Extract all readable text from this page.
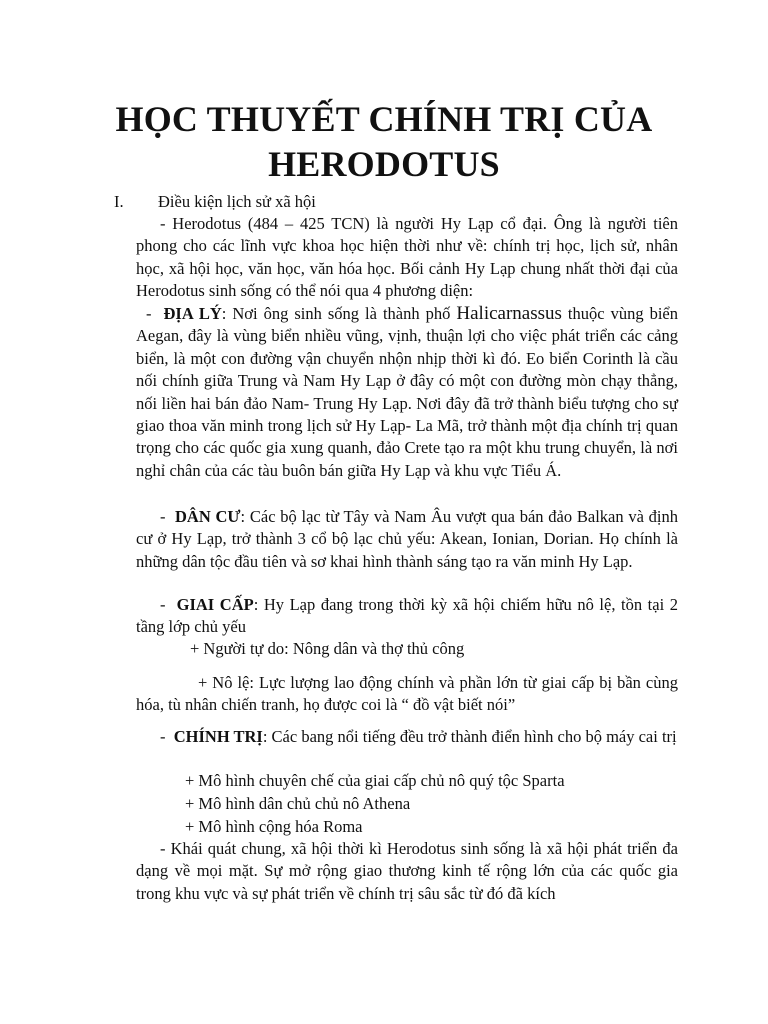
HỌC THUYẾT CHÍNH TRỊ CỦA
HERODOTUS
I. Điều kiện lịch sử xã hội

- Herodotus (484 – 425 TCN) là người Hy Lạp cổ đại. Ông là người tiên phong cho các lĩnh vực khoa học hiện thời như về: chính trị học, lịch sử, nhân học, xã hội học, văn học, văn hóa học. Bối cảnh Hy Lạp chung nhất thời đại của Herodotus sinh sống có thể nói qua 4 phương diện:

- ĐỊA LÝ: Nơi ông sinh sống là thành phố Halicarnassus thuộc vùng biển Aegan, đây là vùng biển nhiều vũng, vịnh, thuận lợi cho việc phát triển các cảng biển, là một con đường vận chuyển nhộn nhịp thời kì đó. Eo biển Corinth là cầu nối chính giữa Trung và Nam Hy Lạp ở đây có một con đường mòn chạy thẳng, nối liền hai bán đảo Nam- Trung Hy Lạp. Nơi đây đã trở thành biểu tượng cho sự giao thoa văn minh trong lịch sử Hy Lạp- La Mã, trở thành một địa chính trị quan trọng cho các quốc gia xung quanh, đảo Crete tạo ra một khu trung chuyển, là nơi nghỉ chân của các tàu buôn bán giữa Hy Lạp và khu vực Tiểu Á.

- DÂN CƯ: Các bộ lạc từ Tây và Nam Âu vượt qua bán đảo Balkan và định cư ở Hy Lạp, trở thành 3 cổ bộ lạc chủ yếu: Akean, Ionian, Dorian. Họ chính là những dân tộc đầu tiên và sơ khai hình thành sáng tạo ra văn minh Hy Lạp.

- GIAI CẤP: Hy Lạp đang trong thời kỳ xã hội chiếm hữu nô lệ, tồn tại 2 tầng lớp chủ yếu

+ Người tự do: Nông dân và thợ thủ công

+ Nô lệ: Lực lượng lao động chính và phần lớn từ giai cấp bị bần cùng hóa, tù nhân chiến tranh, họ được coi là “ đồ vật biết nói”

- CHÍNH TRỊ: Các bang nổi tiếng đều trở thành điển hình cho bộ máy cai trị

+ Mô hình chuyên chế của giai cấp chủ nô quý tộc Sparta

+ Mô hình dân chủ chủ nô Athena

+ Mô hình cộng hóa Roma

- Khái quát chung, xã hội thời kì Herodotus sinh sống là xã hội phát triển đa dạng về mọi mặt. Sự mở rộng giao thương kinh tế rộng lớn của các quốc gia trong khu vực và sự phát triển về chính trị sâu sắc từ đó đã kích
